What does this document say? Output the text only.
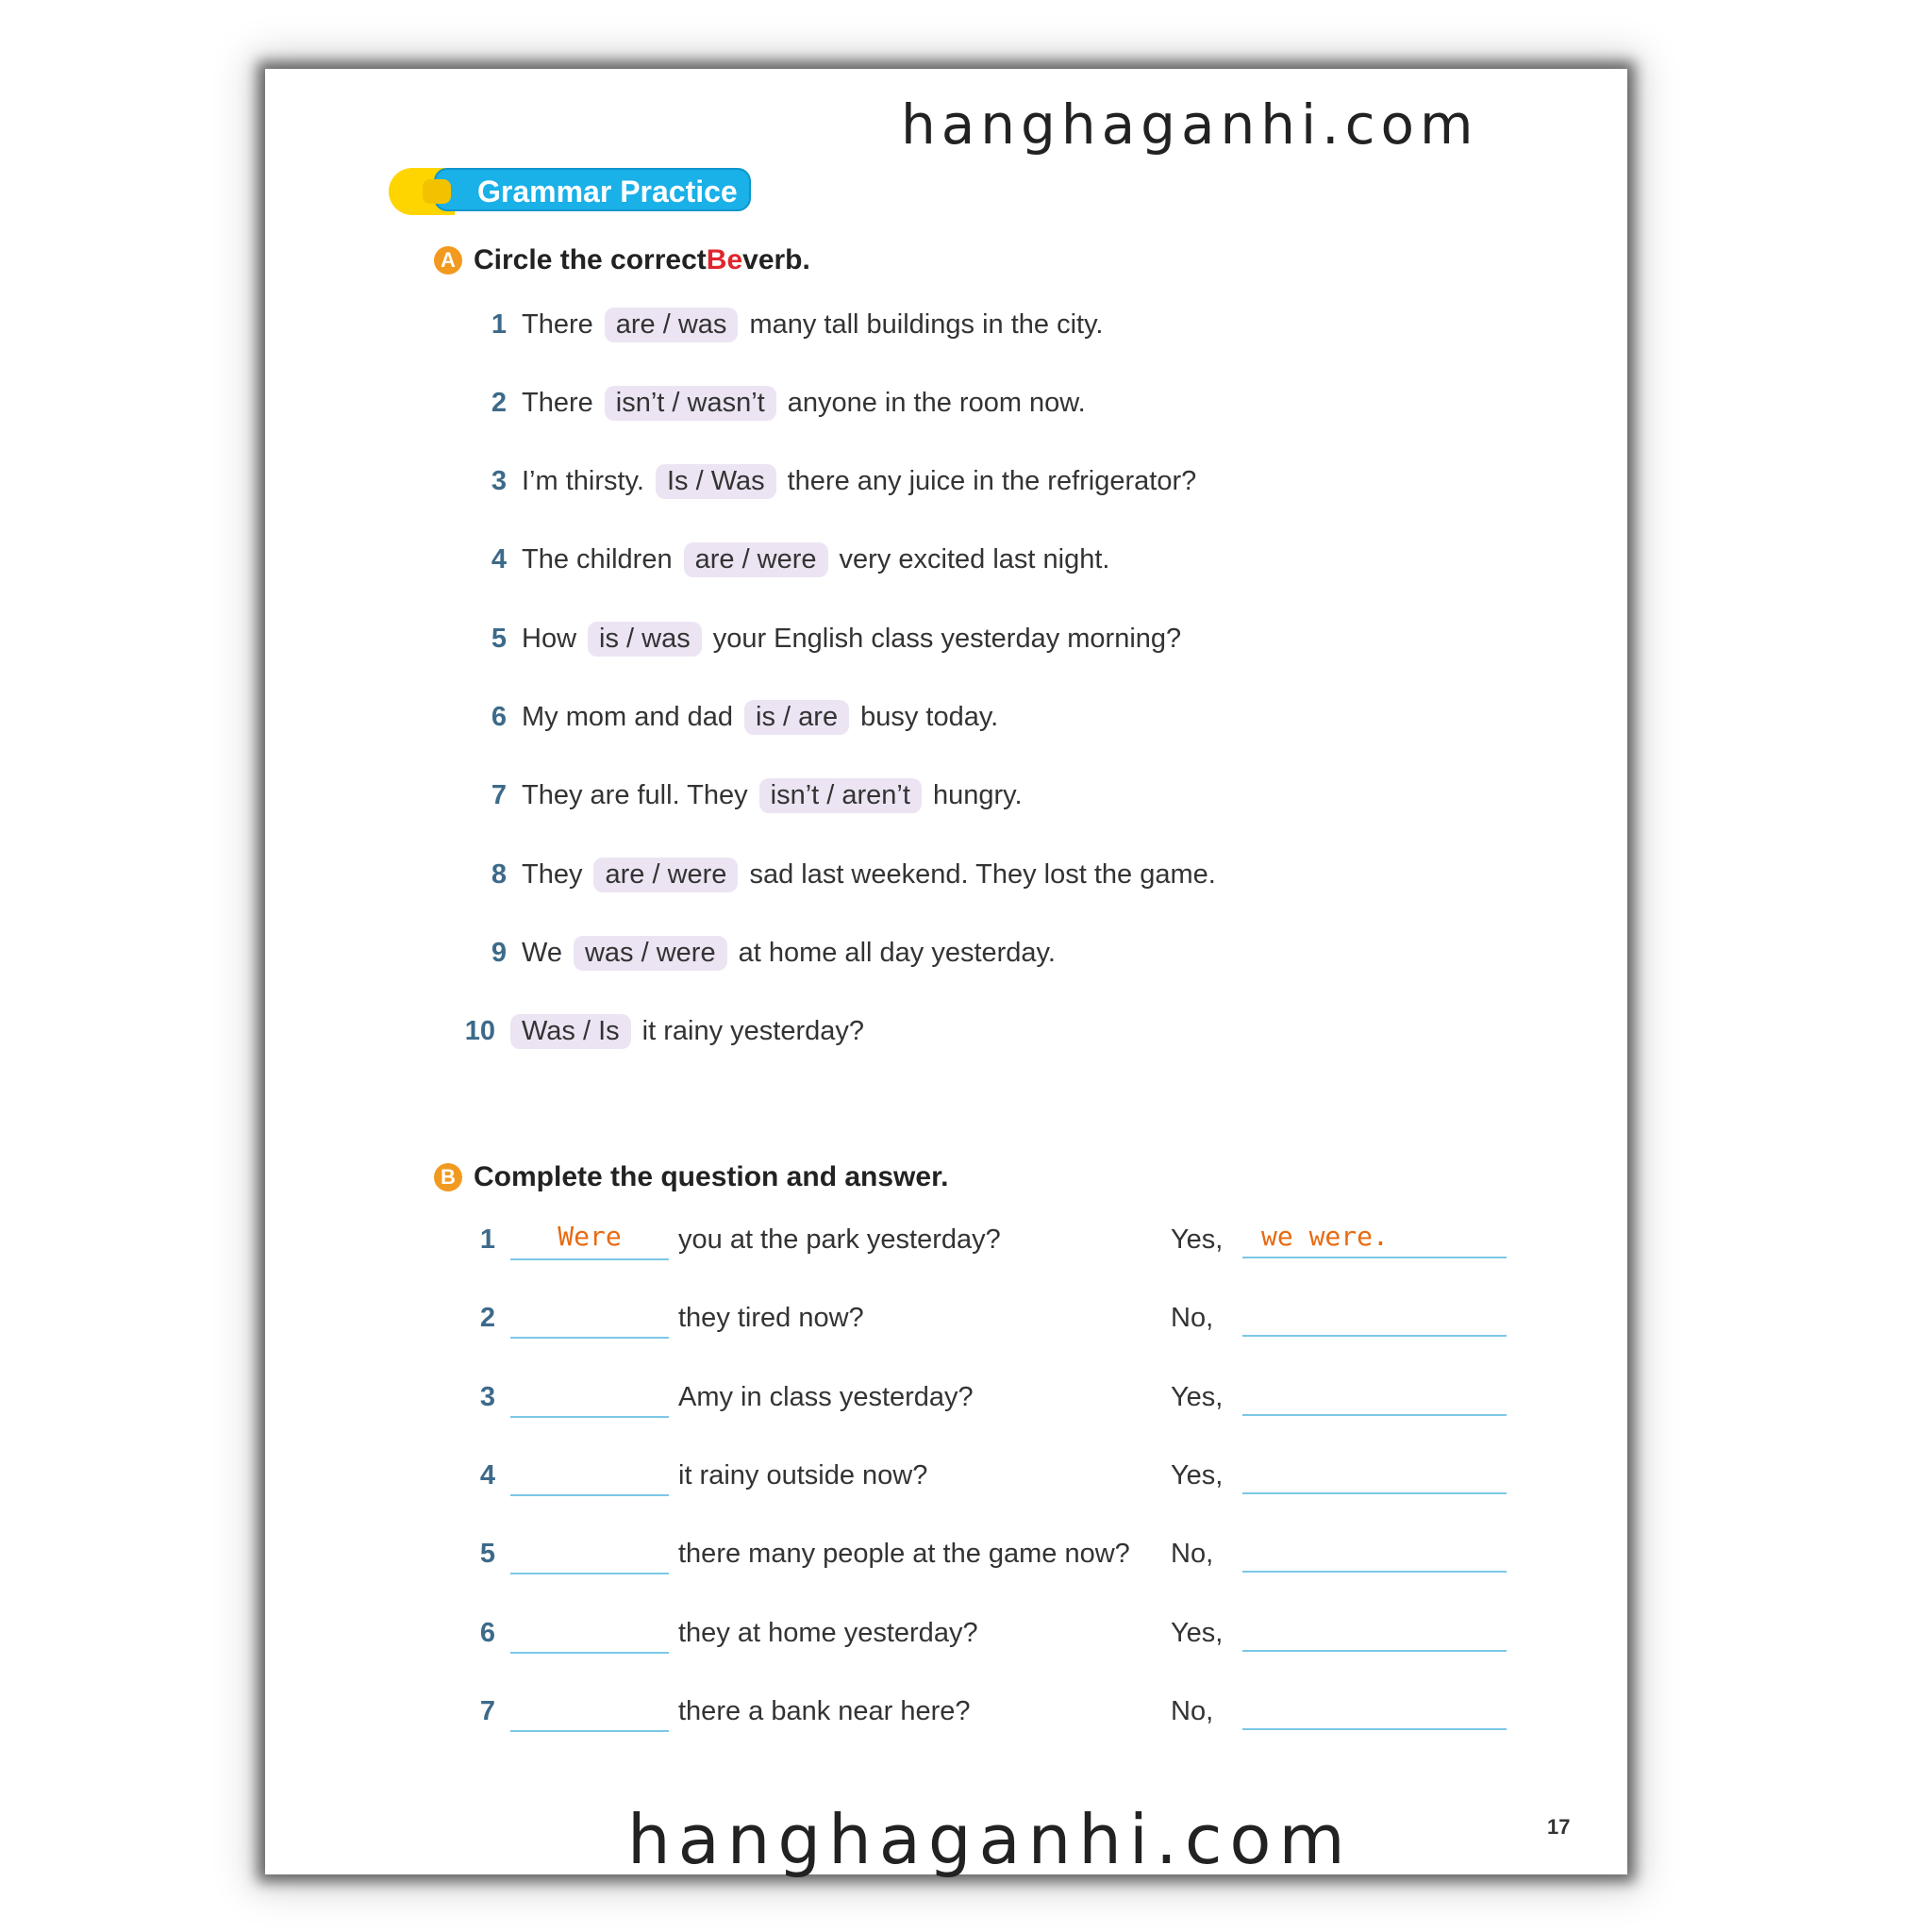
hanghaganhi.com
Grammar Practice
A Circle the correct Be verb.
1 There are / was many tall buildings in the city.
2 There isn’t / wasn’t anyone in the room now.
3 I’m thirsty. Is / Was there any juice in the refrigerator?
4 The children are / were very excited last night.
5 How is / was your English class yesterday morning?
6 My mom and dad is / are busy today.
7 They are full. They isn’t / aren’t hungry.
8 They are / were sad last weekend. They lost the game.
9 We was / were at home all day yesterday.
10 Was / Is it rainy yesterday?
B Complete the question and answer.
1	Were	you at the park yesterday?	Yes,	we were.
2	they tired now?	No,
3	Amy in class yesterday?	Yes,
4	it rainy outside now?	Yes,
5	there many people at the game now? No,
6	they at home yesterday?	Yes,
7	there a bank near here?	No,
17
hanghaganhi.com
